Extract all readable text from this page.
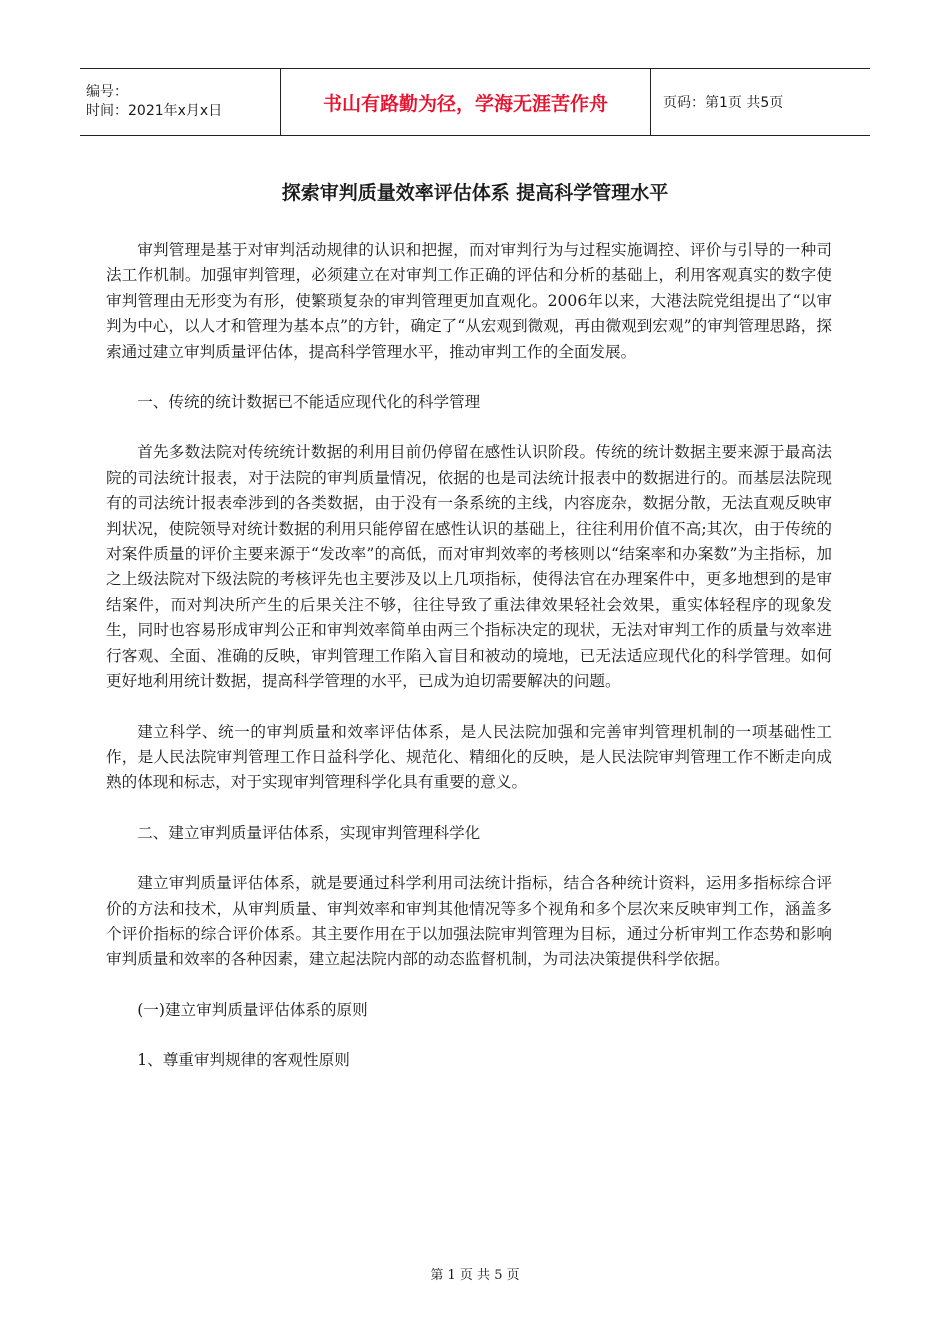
编号：
时间：2021年x月x日	书山有路勤为径，学海无涯苦作舟	页码：第1页 共5页
探索审判质量效率评估体系 提高科学管理水平

审判管理是基于对审判活动规律的认识和把握，而对审判行为与过程实施调控、评价与引导的一种司法工作机制。加强审判管理，必须建立在对审判工作正确的评估和分析的基础上，利用客观真实的数字使审判管理由无形变为有形，使繁琐复杂的审判管理更加直观化。2006年以来，大港法院党组提出了“以审判为中心，以人才和管理为基本点”的方针，确定了“从宏观到微观，再由微观到宏观”的审判管理思路，探索通过建立审判质量评估体，提高科学管理水平，推动审判工作的全面发展。

一、传统的统计数据已不能适应现代化的科学管理

首先多数法院对传统统计数据的利用目前仍停留在感性认识阶段。传统的统计数据主要来源于最高法院的司法统计报表，对于法院的审判质量情况，依据的也是司法统计报表中的数据进行的。而基层法院现有的司法统计报表牵涉到的各类数据，由于没有一条系统的主线，内容庞杂，数据分散，无法直观反映审判状况，使院领导对统计数据的利用只能停留在感性认识的基础上，往往利用价值不高;其次，由于传统的对案件质量的评价主要来源于“发改率”的高低，而对审判效率的考核则以“结案率和办案数”为主指标，加之上级法院对下级法院的考核评先也主要涉及以上几项指标，使得法官在办理案件中，更多地想到的是审结案件，而对判决所产生的后果关注不够，往往导致了重法律效果轻社会效果，重实体轻程序的现象发生，同时也容易形成审判公正和审判效率简单由两三个指标决定的现状，无法对审判工作的质量与效率进行客观、全面、准确的反映，审判管理工作陷入盲目和被动的境地，已无法适应现代化的科学管理。如何更好地利用统计数据，提高科学管理的水平，已成为迫切需要解决的问题。

建立科学、统一的审判质量和效率评估体系，是人民法院加强和完善审判管理机制的一项基础性工作，是人民法院审判管理工作日益科学化、规范化、精细化的反映，是人民法院审判管理工作不断走向成熟的体现和标志，对于实现审判管理科学化具有重要的意义。

二、建立审判质量评估体系，实现审判管理科学化

建立审判质量评估体系，就是要通过科学利用司法统计指标，结合各种统计资料，运用多指标综合评价的方法和技术，从审判质量、审判效率和审判其他情况等多个视角和多个层次来反映审判工作，涵盖多个评价指标的综合评价体系。其主要作用在于以加强法院审判管理为目标，通过分析审判工作态势和影响审判质量和效率的各种因素，建立起法院内部的动态监督机制，为司法决策提供科学依据。

(一)建立审判质量评估体系的原则

1、尊重审判规律的客观性原则

第 1 页 共 5 页
